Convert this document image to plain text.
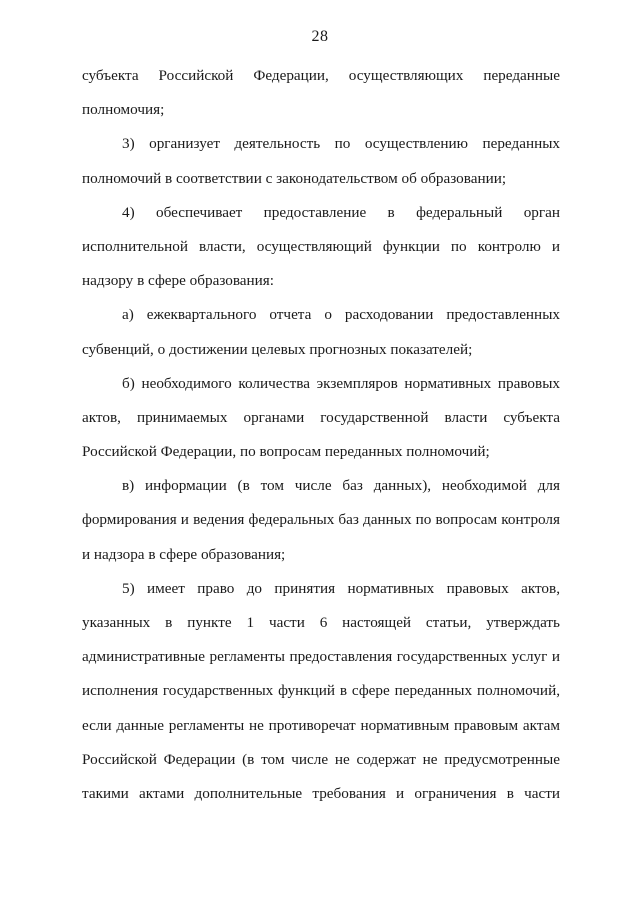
28
субъекта Российской Федерации, осуществляющих переданные
полномочия;
3) организует деятельность по осуществлению переданных
полномочий в соответствии с законодательством об образовании;
4) обеспечивает предоставление в федеральный орган
исполнительной власти, осуществляющий функции по контролю и
надзору в сфере образования:
а) ежеквартального отчета о расходовании предоставленных
субвенций, о достижении целевых прогнозных показателей;
б) необходимого количества экземпляров нормативных правовых
актов, принимаемых органами государственной власти субъекта
Российской Федерации, по вопросам переданных полномочий;
в) информации (в том числе баз данных), необходимой для
формирования и ведения федеральных баз данных по вопросам контроля
и надзора в сфере образования;
5) имеет право до принятия нормативных правовых актов,
указанных в пункте 1 части 6 настоящей статьи, утверждать
административные регламенты предоставления государственных услуг и
исполнения государственных функций в сфере переданных полномочий,
если данные регламенты не противоречат нормативным правовым актам
Российской Федерации (в том числе не содержат не предусмотренные
такими актами дополнительные требования и ограничения в части
